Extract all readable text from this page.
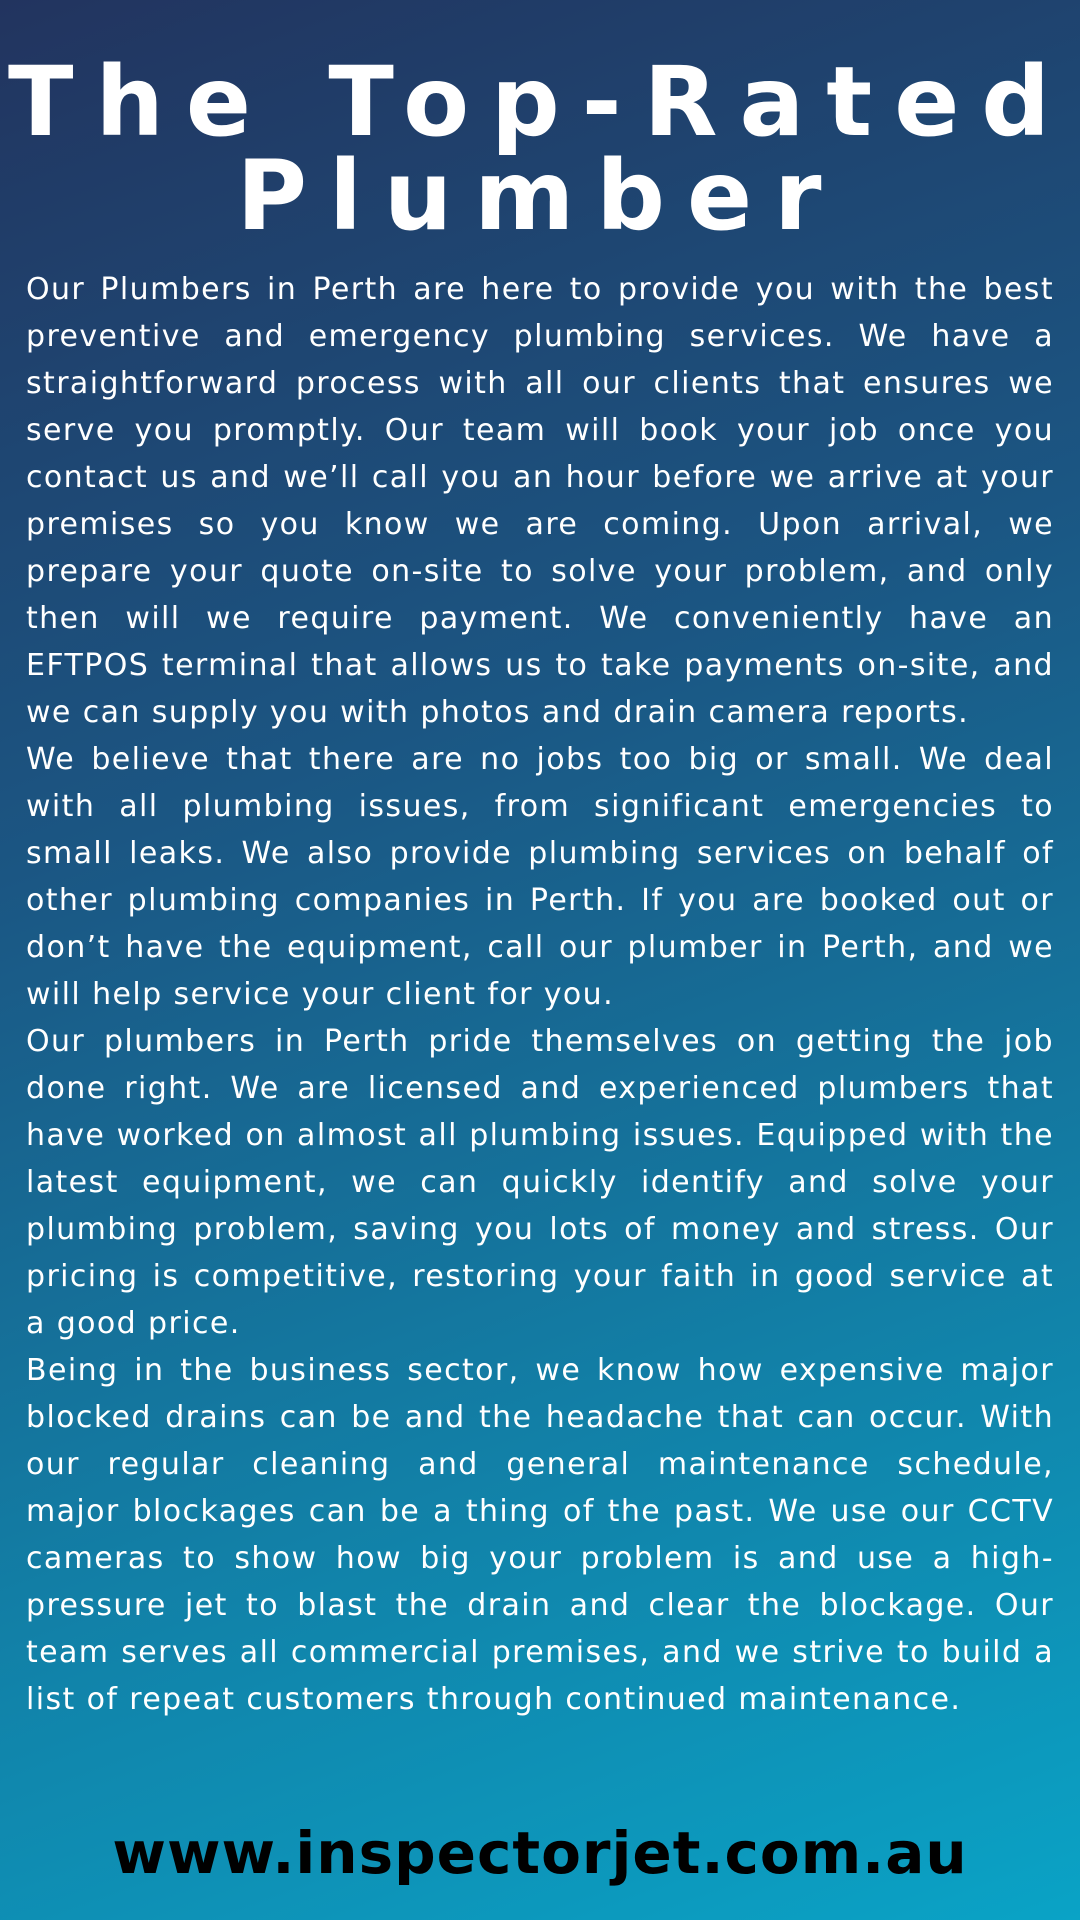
The Top-Rated
Plumber

Our Plumbers in Perth are here to provide you with the best preventive and emergency plumbing services. We have a straightforward process with all our clients that ensures we serve you promptly. Our team will book your job once you contact us and we’ll call you an hour before we arrive at your premises so you know we are coming. Upon arrival, we prepare your quote on-site to solve your problem, and only then will we require payment. We conveniently have an EFTPOS terminal that allows us to take payments on-site, and we can supply you with photos and drain camera reports.

We believe that there are no jobs too big or small. We deal with all plumbing issues, from significant emergencies to small leaks. We also provide plumbing services on behalf of other plumbing companies in Perth. If you are booked out or don’t have the equipment, call our plumber in Perth, and we will help service your client for you.

Our plumbers in Perth pride themselves on getting the job done right. We are licensed and experienced plumbers that have worked on almost all plumbing issues. Equipped with the latest equipment, we can quickly identify and solve your plumbing problem, saving you lots of money and stress. Our pricing is competitive, restoring your faith in good service at a good price.

Being in the business sector, we know how expensive major blocked drains can be and the headache that can occur. With our regular cleaning and general maintenance schedule, major blockages can be a thing of the past. We use our CCTV cameras to show how big your problem is and use a high-pressure jet to blast the drain and clear the blockage. Our team serves all commercial premises, and we strive to build a list of repeat customers through continued maintenance.

www.inspectorjet.com.au
